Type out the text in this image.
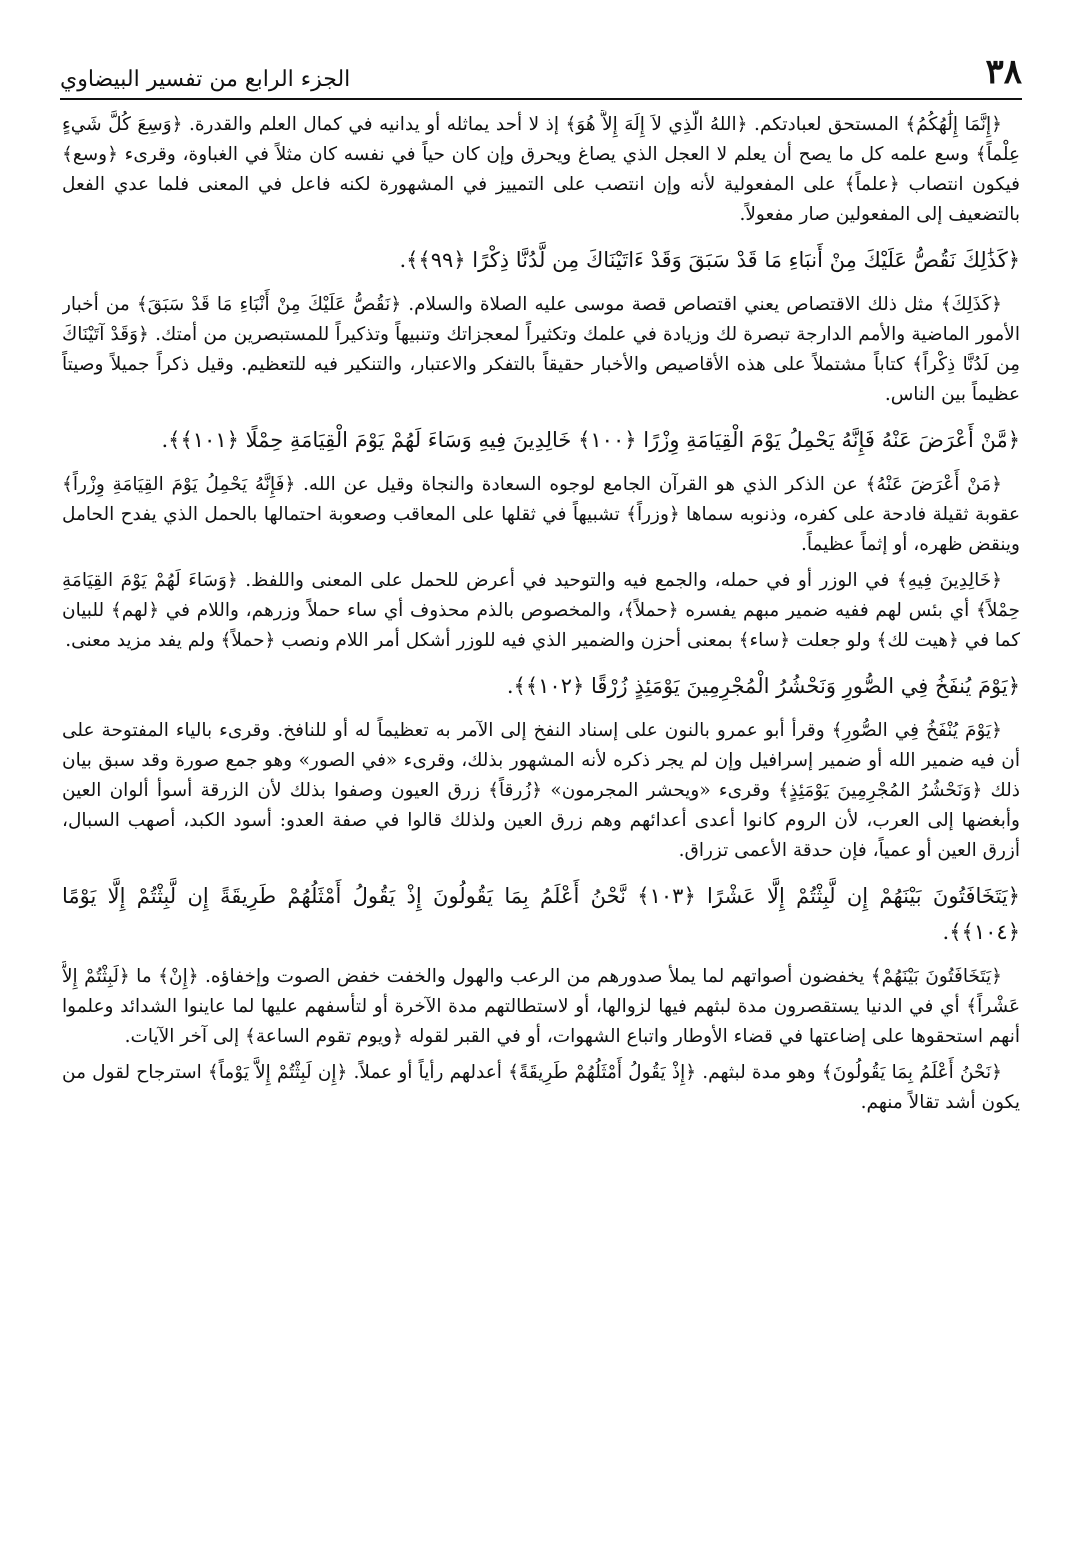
٣٨
الجزء الرابع من تفسير البيضاوي

﴿إِنَّمَا إِلَٰهُكُمُ﴾ المستحق لعبادتكم. ﴿اللهُ الَّذِي لاَ إِلَهَ إِلاَّ هُوَ﴾ إذ لا أحد يماثله أو يدانيه في كمال العلم والقدرة. ﴿وَسِعَ كُلَّ شَيءٍ عِلْماً﴾ وسع علمه كل ما يصح أن يعلم لا العجل الذي يصاغ ويحرق وإن كان حياً في نفسه كان مثلاً في الغباوة، وقرىء ﴿وسع﴾ فيكون انتصاب ﴿علماً﴾ على المفعولية لأنه وإن انتصب على التمييز في المشهورة لكنه فاعل في المعنى فلما عدي الفعل بالتضعيف إلى المفعولين صار مفعولاً.

﴿كَذَٰلِكَ نَقُصُّ عَلَيْكَ مِنْ أَنبَاءِ مَا قَدْ سَبَقَ وَقَدْ ءَاتَيْنَاكَ مِن لَّدُنَّا ذِكْرًا ﴿٩٩﴾﴾.

﴿كَذَلِكَ﴾ مثل ذلك الاقتصاص يعني اقتصاص قصة موسى عليه الصلاة والسلام. ﴿نَقُصُّ عَلَيْكَ مِنْ أَنْبَاءِ مَا قَدْ سَبَقَ﴾ من أخبار الأمور الماضية والأمم الدارجة تبصرة لك وزيادة في علمك وتكثيراً لمعجزاتك وتنبيهاً وتذكيراً للمستبصرين من أمتك. ﴿وَقَدْ آتَيْنَاكَ مِن لَدُنَّا ذِكْراً﴾ كتاباً مشتملاً على هذه الأقاصيص والأخبار حقيقاً بالتفكر والاعتبار، والتنكير فيه للتعظيم. وقيل ذكراً جميلاً وصيتاً عظيماً بين الناس.

﴿مَّنْ أَعْرَضَ عَنْهُ فَإِنَّهُ يَحْمِلُ يَوْمَ الْقِيَامَةِ وِزْرًا ﴿١٠٠﴾ خَالِدِينَ فِيهِ وَسَاءَ لَهُمْ يَوْمَ الْقِيَامَةِ حِمْلًا ﴿١٠١﴾﴾.

﴿مَنْ أَعْرَضَ عَنْهُ﴾ عن الذكر الذي هو القرآن الجامع لوجوه السعادة والنجاة وقيل عن الله. ﴿فَإِنَّهُ يَحْمِلُ يَوْمَ القِيَامَةِ وِزْراً﴾ عقوبة ثقيلة فادحة على كفره، وذنوبه سماها ﴿وزراً﴾ تشبيهاً في ثقلها على المعاقب وصعوبة احتمالها بالحمل الذي يفدح الحامل وينقض ظهره، أو إثماً عظيماً.

﴿خَالِدِينَ فِيهِ﴾ في الوزر أو في حمله، والجمع فيه والتوحيد في أعرض للحمل على المعنى واللفظ. ﴿وَسَاءَ لَهُمْ يَوْمَ القِيَامَةِ حِمْلاً﴾ أي بئس لهم ففيه ضمير مبهم يفسره ﴿حملاً﴾، والمخصوص بالذم محذوف أي ساء حملاً وزرهم، واللام في ﴿لهم﴾ للبيان كما في ﴿هيت لك﴾ ولو جعلت ﴿ساء﴾ بمعنى أحزن والضمير الذي فيه للوزر أشكل أمر اللام ونصب ﴿حملاً﴾ ولم يفد مزيد معنى.

﴿يَوْمَ يُنفَخُ فِي الصُّورِ وَنَحْشُرُ الْمُجْرِمِينَ يَوْمَئِذٍ زُرْقًا ﴿١٠٢﴾﴾.

﴿يَوْمَ يُنْفَخُ فِي الصُّورِ﴾ وقرأ أبو عمرو بالنون على إسناد النفخ إلى الآمر به تعظيماً له أو للنافخ. وقرىء بالياء المفتوحة على أن فيه ضمير الله أو ضمير إسرافيل وإن لم يجر ذكره لأنه المشهور بذلك، وقرىء «في الصور» وهو جمع صورة وقد سبق بيان ذلك ﴿وَنَحْشُرُ المُجْرِمِينَ يَوْمَئِذٍ﴾ وقرىء «ويحشر المجرمون» ﴿زُرقاً﴾ زرق العيون وصفوا بذلك لأن الزرقة أسوأ ألوان العين وأبغضها إلى العرب، لأن الروم كانوا أعدى أعدائهم وهم زرق العين ولذلك قالوا في صفة العدو: أسود الكبد، أصهب السبال، أزرق العين أو عمياً، فإن حدقة الأعمى تزراق.

﴿يَتَخَافَتُونَ بَيْنَهُمْ إِن لَّبِثْتُمْ إِلَّا عَشْرًا ﴿١٠٣﴾ نَّحْنُ أَعْلَمُ بِمَا يَقُولُونَ إِذْ يَقُولُ أَمْثَلُهُمْ طَرِيقَةً إِن لَّبِثْتُمْ إِلَّا يَوْمًا ﴿١٠٤﴾﴾.

﴿يَتَخَافَتُونَ بَيْنَهُمْ﴾ يخفضون أصواتهم لما يملأ صدورهم من الرعب والهول والخفت خفض الصوت وإخفاؤه. ﴿إِنْ﴾ ما ﴿لَبِثْتُمْ إِلاَّ عَشْراً﴾ أي في الدنيا يستقصرون مدة لبثهم فيها لزوالها، أو لاستطالتهم مدة الآخرة أو لتأسفهم عليها لما عاينوا الشدائد وعلموا أنهم استحقوها على إضاعتها في قضاء الأوطار واتباع الشهوات، أو في القبر لقوله ﴿ويوم تقوم الساعة﴾ إلى آخر الآيات.

﴿نَحْنُ أَعْلَمُ بِمَا يَقُولُونَ﴾ وهو مدة لبثهم. ﴿إِذْ يَقُولُ أَمْثَلُهُمْ طَرِيقَةً﴾ أعدلهم رأياً أو عملاً. ﴿إِن لَبِثْتُمْ إِلاَّ يَوْماً﴾ استرجاح لقول من يكون أشد تقالاً منهم.
